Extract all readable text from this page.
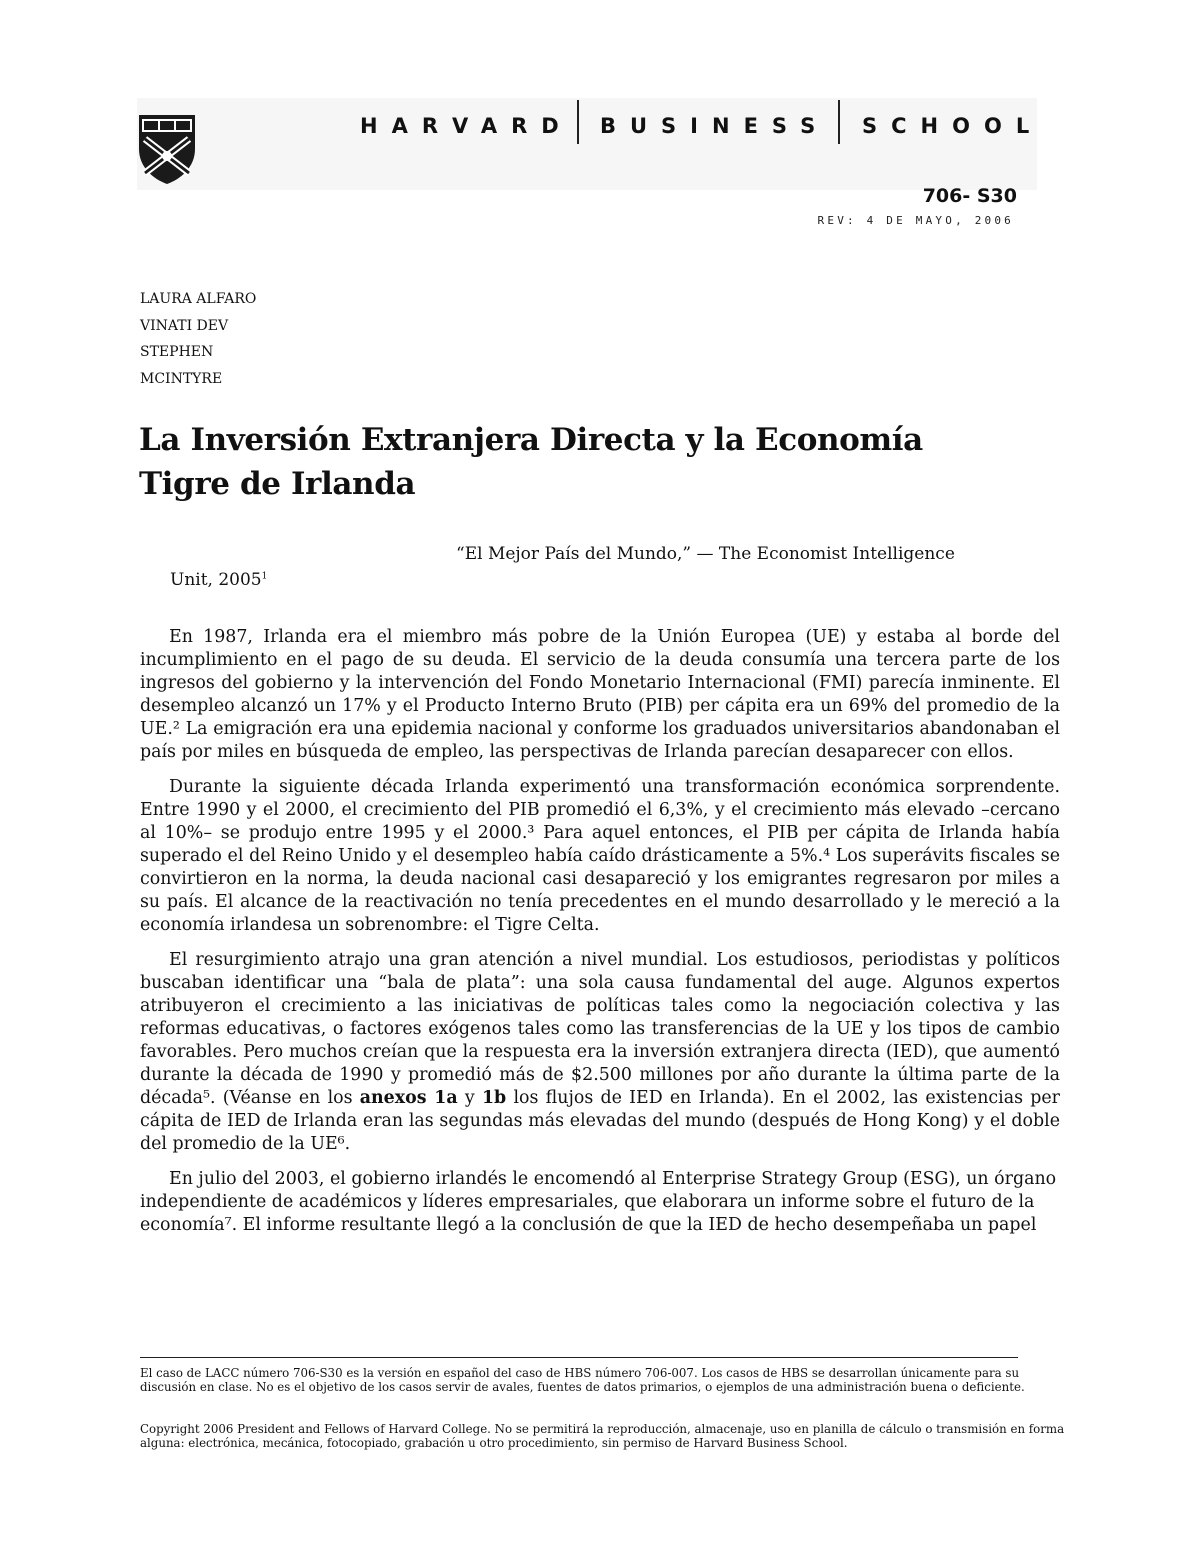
HARVARD BUSINESS SCHOOL
706- S30
REV: 4 DE MAYO, 2006
LAURA ALFARO
VINATI DEV
STEPHEN
MCINTYRE
La Inversión Extranjera Directa y la Economía
Tigre de Irlanda
“El Mejor País del Mundo,” — The Economist Intelligence
Unit, 2005$^1$

En 1987, Irlanda era el miembro más pobre de la Unión Europea (UE) y estaba al borde del incumplimiento en el pago de su deuda. El servicio de la deuda consumía una tercera parte de los ingresos del gobierno y la intervención del Fondo Monetario Internacional (FMI) parecía inminente. El desempleo alcanzó un 17% y el Producto Interno Bruto (PIB) per cápita era un 69% del promedio de la UE.² La emigración era una epidemia nacional y conforme los graduados universitarios abandonaban el país por miles en búsqueda de empleo, las perspectivas de Irlanda parecían desaparecer con ellos.

Durante la siguiente década Irlanda experimentó una transformación económica sorprendente. Entre 1990 y el 2000, el crecimiento del PIB promedió el 6,3%, y el crecimiento más elevado –cercano al 10%– se produjo entre 1995 y el 2000.³ Para aquel entonces, el PIB per cápita de Irlanda había superado el del Reino Unido y el desempleo había caído drásticamente a 5%.⁴ Los superávits fiscales se convirtieron en la norma, la deuda nacional casi desapareció y los emigrantes regresaron por miles a su país. El alcance de la reactivación no tenía precedentes en el mundo desarrollado y le mereció a la economía irlandesa un sobrenombre: el Tigre Celta.

El resurgimiento atrajo una gran atención a nivel mundial. Los estudiosos, periodistas y políticos buscaban identificar una “bala de plata”: una sola causa fundamental del auge. Algunos expertos atribuyeron el crecimiento a las iniciativas de políticas tales como la negociación colectiva y las reformas educativas, o factores exógenos tales como las transferencias de la UE y los tipos de cambio favorables. Pero muchos creían que la respuesta era la inversión extranjera directa (IED), que aumentó durante la década de 1990 y promedió más de $2.500 millones por año durante la última parte de la década⁵. (Véanse en los anexos 1a y 1b los flujos de IED en Irlanda). En el 2002, las existencias per cápita de IED de Irlanda eran las segundas más elevadas del mundo (después de Hong Kong) y el doble del promedio de la UE⁶.

En julio del 2003, el gobierno irlandés le encomendó al Enterprise Strategy Group (ESG), un órgano independiente de académicos y líderes empresariales, que elaborara un informe sobre el futuro de la economía⁷. El informe resultante llegó a la conclusión de que la IED de hecho desempeñaba un papel

El caso de LACC número 706-S30 es la versión en español del caso de HBS número 706-007. Los casos de HBS se desarrollan únicamente para su discusión en clase. No es el objetivo de los casos servir de avales, fuentes de datos primarios, o ejemplos de una administración buena o deficiente.
Copyright 2006 President and Fellows of Harvard College. No se permitirá la reproducción, almacenaje, uso en planilla de cálculo o transmisión en forma alguna: electrónica, mecánica, fotocopiado, grabación u otro procedimiento, sin permiso de Harvard Business School.
